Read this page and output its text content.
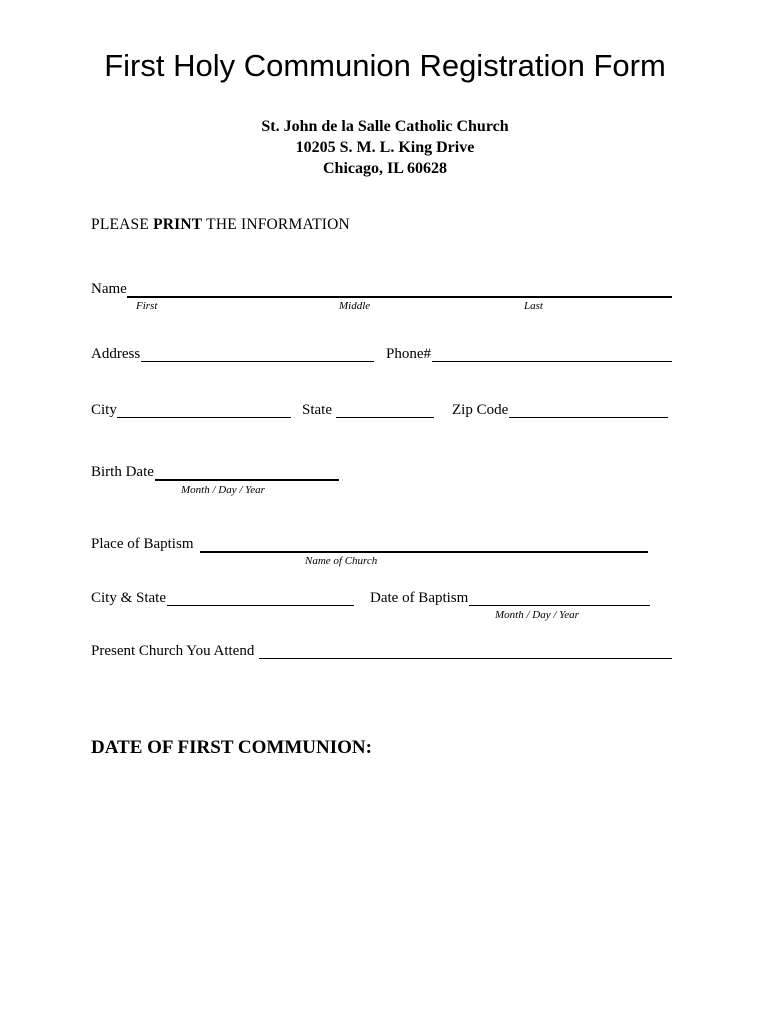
First Holy Communion Registration Form
St. John de la Salle Catholic Church
10205 S. M. L. King Drive
Chicago, IL 60628
PLEASE PRINT THE INFORMATION
Name
First	Middle	Last
Address	Phone#
City	State	Zip Code
Birth Date
Month / Day / Year
Place of Baptism
Name of Church
City & State	Date of Baptism
Month / Day / Year
Present Church You Attend
DATE OF FIRST COMMUNION:
